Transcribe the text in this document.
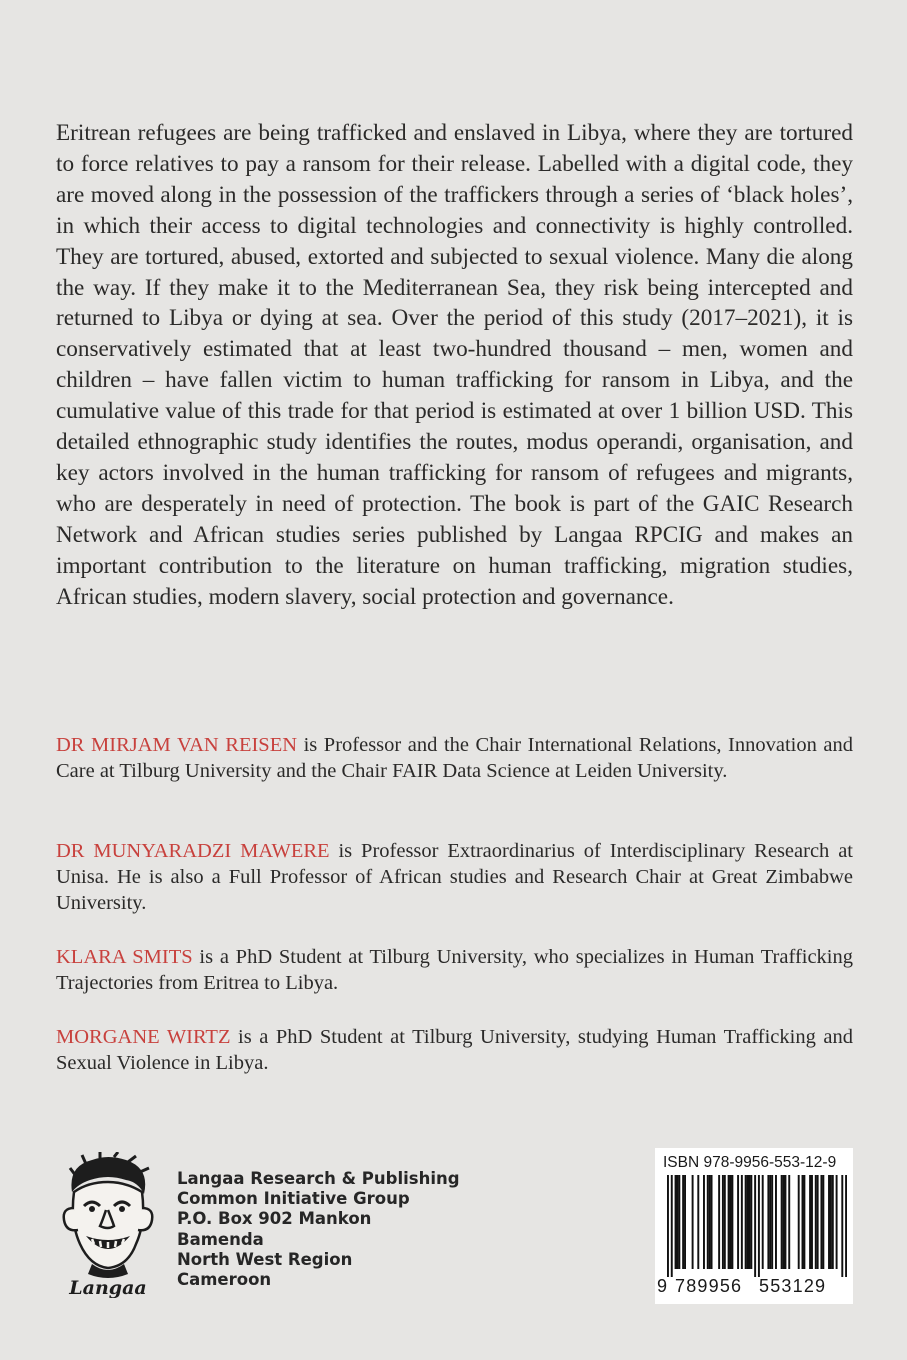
Eritrean refugees are being trafficked and enslaved in Libya, where they are tortured to force relatives to pay a ransom for their release. Labelled with a digital code, they are moved along in the possession of the traffickers through a series of ‘black holes’, in which their access to digital technologies and connectivity is highly controlled. They are tortured, abused, extorted and subjected to sexual violence. Many die along the way. If they make it to the Mediterranean Sea, they risk being intercepted and returned to Libya or dying at sea. Over the period of this study (2017–2021), it is conservatively estimated that at least two-hundred thousand – men, women and children – have fallen victim to human trafficking for ransom in Libya, and the cumulative value of this trade for that period is estimated at over 1 billion USD. This detailed ethnographic study identifies the routes, modus operandi, organisation, and key actors involved in the human trafficking for ransom of refugees and migrants, who are desperately in need of protection. The book is part of the GAIC Research Network and African studies series published by Langaa RPCIG and makes an important contribution to the literature on human trafficking, migration studies, African studies, modern slavery, social protection and governance.

DR MIRJAM VAN REISEN is Professor and the Chair International Relations, Innovation and Care at Tilburg University and the Chair FAIR Data Science at Leiden University.

DR MUNYARADZI MAWERE is Professor Extraordinarius of Interdisciplinary Research at Unisa. He is also a Full Professor of African studies and Research Chair at Great Zimbabwe University.

KLARA SMITS is a PhD Student at Tilburg University, who specializes in Human Trafficking Trajectories from Eritrea to Libya.

MORGANE WIRTZ is a PhD Student at Tilburg University, studying Human Trafficking and Sexual Violence in Libya.

Langaa
Langaa Research & Publishing
Common Initiative Group
P.O. Box 902 Mankon
Bamenda
North West Region
Cameroon
ISBN 978-9956-553-12-9
9 789956 553129
